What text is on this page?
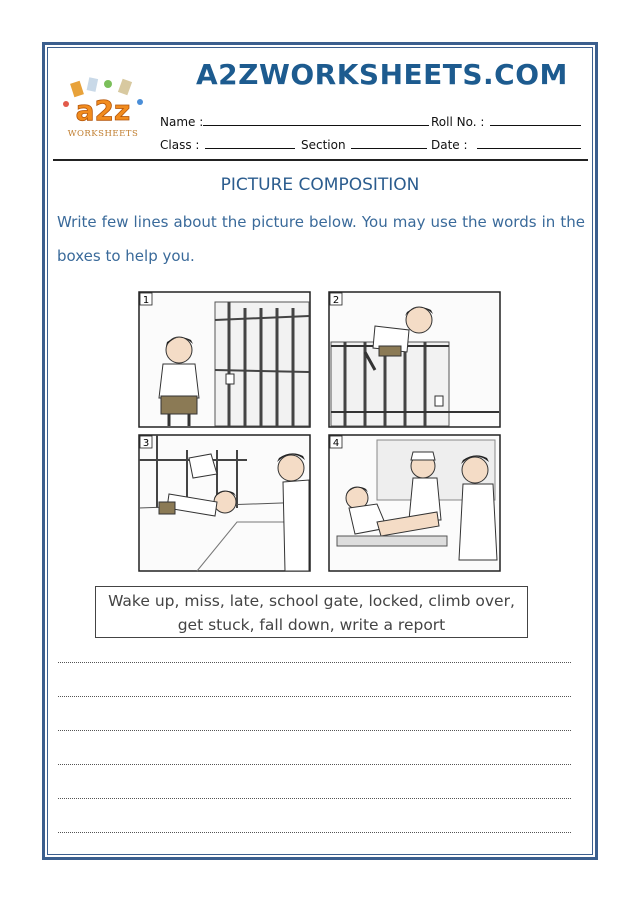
a2z
WORKSHEETS
A2ZWORKSHEETS.COM
Name :	Roll No. :
Class :	Section	Date :
PICTURE COMPOSITION
Write few lines about the picture below. You may use the words in the boxes to help you.
1	2
3	4
Wake up, miss, late, school gate, locked, climb over,
get stuck, fall down, write a report
